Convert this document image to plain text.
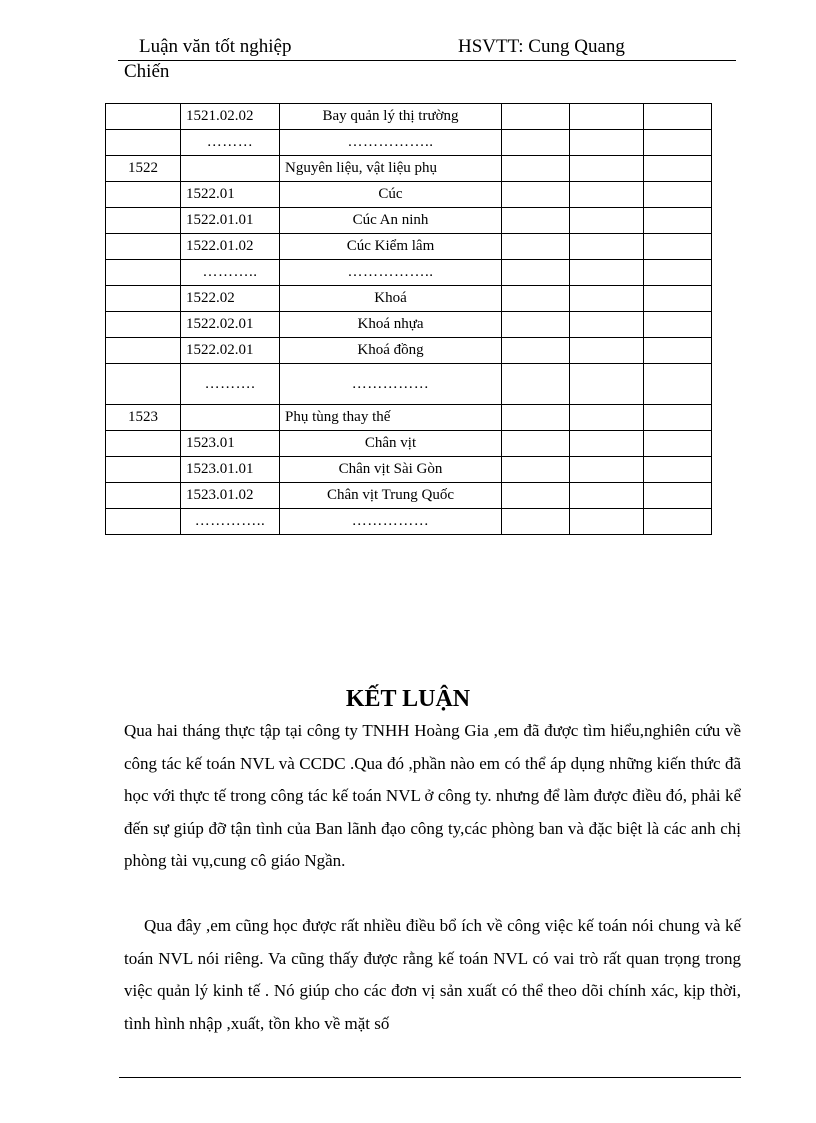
Luận văn tốt nghiệp	HSVTT: Cung Quang
Chiến
	1521.02.02	Bay quản lý thị trường			
	………	……………..			
1522		Nguyên liệu, vật liệu phụ			
	1522.01	Cúc			
	1522.01.01	Cúc An ninh			
	1522.01.02	Cúc Kiểm lâm			
	………..	……………..			
	1522.02	Khoá			
	1522.02.01	Khoá nhựa			
	1522.02.01	Khoá đồng			
	……….	……………			
1523		Phụ tùng thay thế			
	1523.01	Chân vịt			
	1523.01.01	Chân vịt Sài Gòn			
	1523.01.02	Chân vịt Trung Quốc			
	…………..	……………			
KẾT LUẬN

Qua hai tháng thực tập tại công ty TNHH Hoàng Gia ,em đã được tìm hiểu,nghiên cứu về công tác kế toán NVL và CCDC .Qua đó ,phần nào em có thể áp dụng những kiến thức đã học với thực tế trong công tác kế toán NVL ở công ty. nhưng để làm được điều đó, phải kể đến sự giúp đỡ tận tình của Ban lãnh đạo công ty,các phòng ban và đặc biệt là các anh chị phòng tài vụ,cung cô giáo Ngần.

Qua đây ,em cũng học được rất nhiều điều bổ ích về công việc kế toán nói chung và kế toán NVL nói riêng. Va cũng thấy được rằng kế toán NVL có vai trò rất quan trọng trong việc quản lý kinh tế . Nó giúp cho các đơn vị sản xuất có thể theo dõi chính xác, kịp thời, tình hình nhập ,xuất, tồn kho về mặt số
